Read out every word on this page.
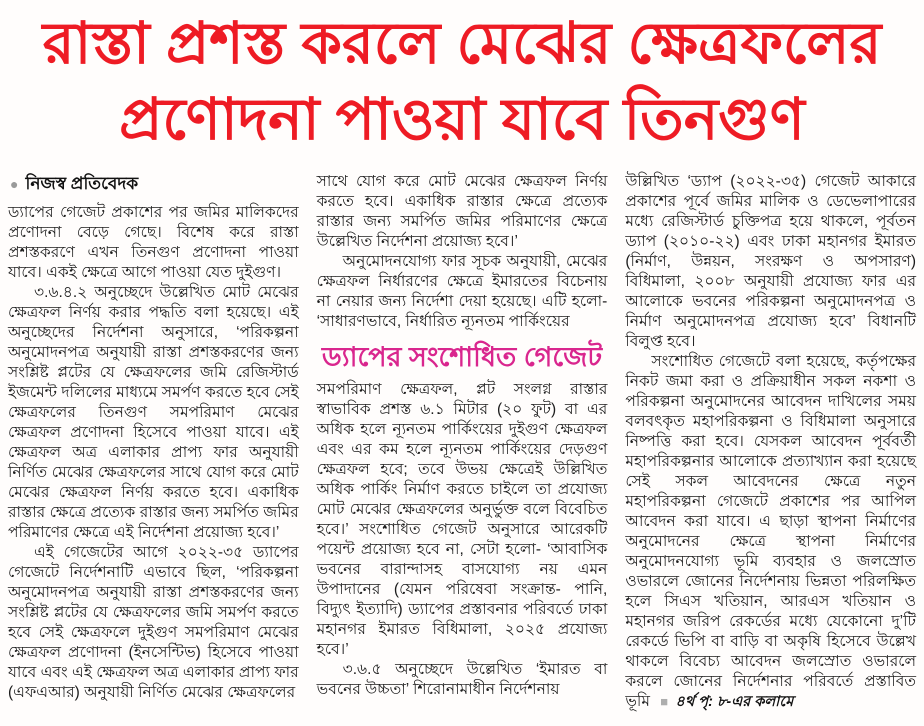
রাস্তা প্রশস্ত করলে মেঝের ক্ষেত্রফলের
প্রণোদনা পাওয়া যাবে তিনগুণ
● নিজস্ব প্রতিবেদক

ড্যাপের গেজেট প্রকাশের পর জমির মালিকদের প্রণোদনা বেড়ে গেছে। বিশেষ করে রাস্তা প্রশস্তকরণে এখন তিনগুণ প্রণোদনা পাওয়া যাবে। একই ক্ষেত্রে আগে পাওয়া যেত দুইগুণ।

৩.৬.৪.২ অনুচ্ছেদে উল্লেখিত মোট মেঝের ক্ষেত্রফল নির্ণয় করার পদ্ধতি বলা হয়েছে। এই অনুচ্ছেদের নির্দেশনা অনুসারে, ‘পরিকল্পনা অনুমোদনপত্র অনুযায়ী রাস্তা প্রশস্তকরণের জন্য সংশ্লিষ্ট প্লটের যে ক্ষেত্রফলের জমি রেজিস্টার্ড ইজমেন্ট দলিলের মাধ্যমে সমর্পণ করতে হবে সেই ক্ষেত্রফলের তিনগুণ সমপরিমাণ মেঝের ক্ষেত্রফল প্রণোদনা হিসেবে পাওয়া যাবে। এই ক্ষেত্রফল অত্র এলাকার প্রাপ্য ফার অনুযায়ী নির্ণিত মেঝের ক্ষেত্রফলের সাথে যোগ করে মোট মেঝের ক্ষেত্রফল নির্ণয় করতে হবে। একাধিক রাস্তার ক্ষেত্রে প্রত্যেক রাস্তার জন্য সমর্পিত জমির পরিমাণের ক্ষেত্রে এই নির্দেশনা প্রয়োজ্য হবে।’

এই গেজেটের আগে ২০২২-৩৫ ড্যাপের গেজেটে নির্দেশনাটি এভাবে ছিল, ‘পরিকল্পনা অনুমোদনপত্র অনুযায়ী রাস্তা প্রশস্তকরণের জন্য সংশ্লিষ্ট প্লটের যে ক্ষেত্রফলের জমি সমর্পণ করতে হবে সেই ক্ষেত্রফলে দুইগুণ সমপরিমাণ মেঝের ক্ষেত্রফল প্রণোদনা (ইনসেন্টিভ) হিসেবে পাওয়া যাবে এবং এই ক্ষেত্রফল অত্র এলাকার প্রাপ্য ফার (এফএআর) অনুযায়ী নির্ণিত মেঝের ক্ষেত্রফলের

সাথে যোগ করে মোট মেঝের ক্ষেত্রফল নির্ণয় করতে হবে। একাধিক রাস্তার ক্ষেত্রে প্রত্যেক রাস্তার জন্য সমর্পিত জমির পরিমাণের ক্ষেত্রে উল্লেখিত নির্দেশনা প্রয়োজ্য হবে।’

অনুমোদনযোগ্য ফার সূচক অনুযায়ী, মেঝের ক্ষেত্রফল নির্ধারণের ক্ষেত্রে ইমারতের বিচেনায় না নেয়ার জন্য নির্দেশা দেয়া হয়েছে। এটি হলো- ‘সাধারণভাবে, নির্ধারিত ন্যূনতম পার্কিংয়ের

ড্যাপের সংশোধিত গেজেট

সমপরিমাণ ক্ষেত্রফল, প্লট সংলগ্ন রাস্তার স্বাভাবিক প্রশস্ত ৬.১ মিটার (২০ ফুট) বা এর অধিক হলে ন্যূনতম পার্কিংয়ের দুইগুণ ক্ষেত্রফল এবং এর কম হলে ন্যূনতম পার্কিংয়ের দেড়গুণ ক্ষেত্রফল হবে; তবে উভয় ক্ষেত্রেই উল্লিখিত অধিক পার্কিং নির্মাণ করতে চাইলে তা প্রযোজ্য মোট মেঝের ক্ষেত্রফলের অনুর্ভুক্ত বলে বিবেচিত হবে।’ সংশোধিত গেজেট অনুসারে আরেকটি পয়েন্ট প্রয়োজ্য হবে না, সেটা হলো- ‘আবাসিক ভবনের বারান্দাসহ বাসযোগ্য নয় এমন উপাদানের (যেমন পরিষেবা সংক্রান্ত- পানি, বিদ্যুৎ ইত্যাদি) ড্যাপের প্রস্তাবনার পরিবর্তে ঢাকা মহানগর ইমারত বিধিমালা, ২০২৫ প্রযোজ্য হবে।’

৩.৬.৫ অনুচ্ছেদে উল্লেখিত ‘ইমারত বা ভবনের উচ্চতা’ শিরোনামাধীন নির্দেশনায়

উল্লিখিত ‘ড্যাপ (২০২২-৩৫) গেজেট আকারে প্রকাশের পূর্বে জমির মালিক ও ডেভেলাপারের মধ্যে রেজিস্টার্ড চুক্তিপত্র হয়ে থাকলে, পূর্বতন ড্যাপ (২০১০-২২) এবং ঢাকা মহানগর ইমারত (নির্মাণ, উন্নয়ন, সংরক্ষণ ও অপসারণ) বিধিমালা, ২০০৮ অনুযায়ী প্রযোজ্য ফার এর আলোকে ভবনের পরিকল্পনা অনুমোদনপত্র ও নির্মাণ অনুমোদনপত্র প্রযোজ্য হবে’ বিধানটি বিলুপ্ত হবে।

সংশোধিত গেজেটে বলা হয়েছে, কর্তৃপক্ষের নিকট জমা করা ও প্রক্রিয়াধীন সকল নকশা ও পরিকল্পনা অনুমোদনের আবেদন দাখিলের সময় বলবৎকৃত মহাপরিকল্পনা ও বিধিমালা অনুসারে নিষ্পত্তি করা হবে। যেসকল আবেদন পূর্ববর্তী মহাপরিকল্পনার আলোকে প্রত্যাখ্যান করা হয়েছে সেই সকল আবেদনের ক্ষেত্রে নতুন মহাপরিকল্পনা গেজেটে প্রকাশের পর আপিল আবেদন করা যাবে। এ ছাড়া স্থাপনা নির্মাণের অনুমোদনের ক্ষেত্রে স্থাপনা নির্মাণের অনুমোদনযোগ্য ভূমি ব্যবহার ও জলস্রোত ওভারলে জোনের নির্দেশনায় ভিন্নতা পরিলক্ষিত হলে সিএস খতিয়ান, আরএস খতিয়ান ও মহানগর জরিপ রেকর্ডের মধ্যে যেকোনো দু’টি রেকর্ডে ভিপি বা বাড়ি বা অকৃষি হিসেবে উল্লেখ থাকলে বিবেচ্য আবেদন জলস্রোত ওভারলে করলে জোনের নির্দেশনার পরিবর্তে প্রস্তাবিত ভূমি ■ ৪র্থ পৃ: ৮-এর কলামে
